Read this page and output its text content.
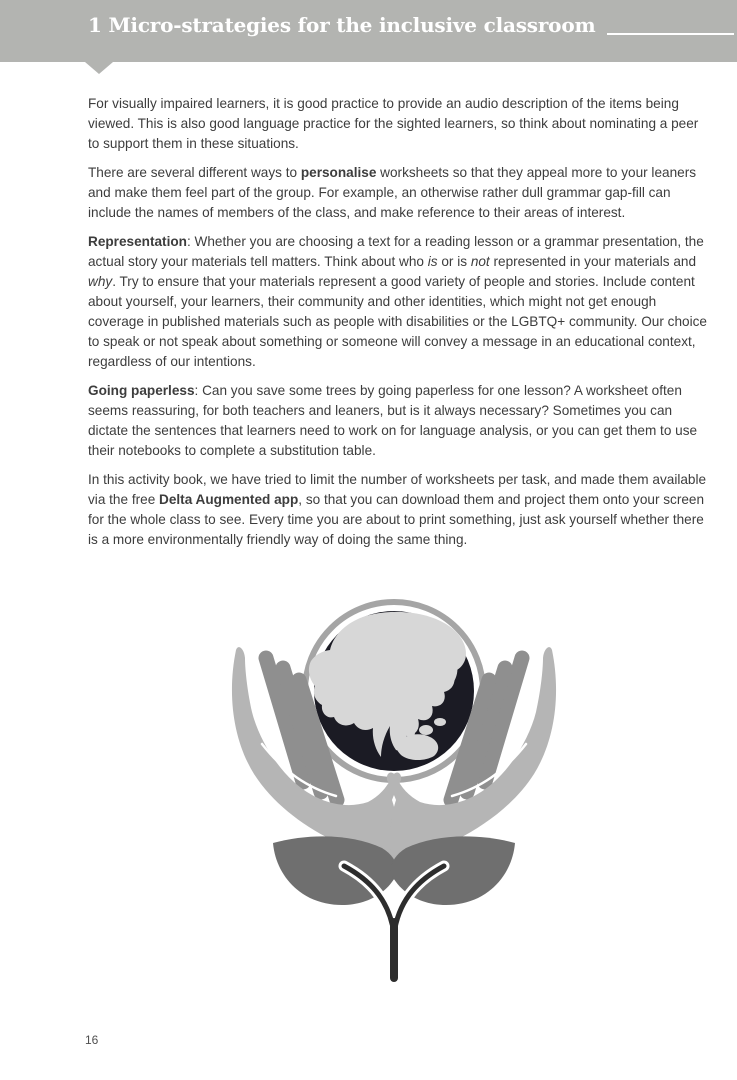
1 Micro-strategies for the inclusive classroom

For visually impaired learners, it is good practice to provide an audio description of the items being viewed. This is also good language practice for the sighted learners, so think about nominating a peer to support them in these situations.

There are several different ways to personalise worksheets so that they appeal more to your leaners and make them feel part of the group. For example, an otherwise rather dull grammar gap-fill can include the names of members of the class, and make reference to their areas of interest.

Representation: Whether you are choosing a text for a reading lesson or a grammar presentation, the actual story your materials tell matters. Think about who is or is not represented in your materials and why. Try to ensure that your materials represent a good variety of people and stories. Include content about yourself, your learners, their community and other identities, which might not get enough coverage in published materials such as people with disabilities or the LGBTQ+ community. Our choice to speak or not speak about something or someone will convey a message in an educational context, regardless of our intentions.

Going paperless: Can you save some trees by going paperless for one lesson? A worksheet often seems reassuring, for both teachers and leaners, but is it always necessary? Sometimes you can dictate the sentences that learners need to work on for language analysis, or you can get them to use their notebooks to complete a substitution table.

In this activity book, we have tried to limit the number of worksheets per task, and made them available via the free Delta Augmented app, so that you can download them and project them onto your screen for the whole class to see. Every time you are about to print something, just ask yourself whether there is a more environmentally friendly way of doing the same thing.

16
